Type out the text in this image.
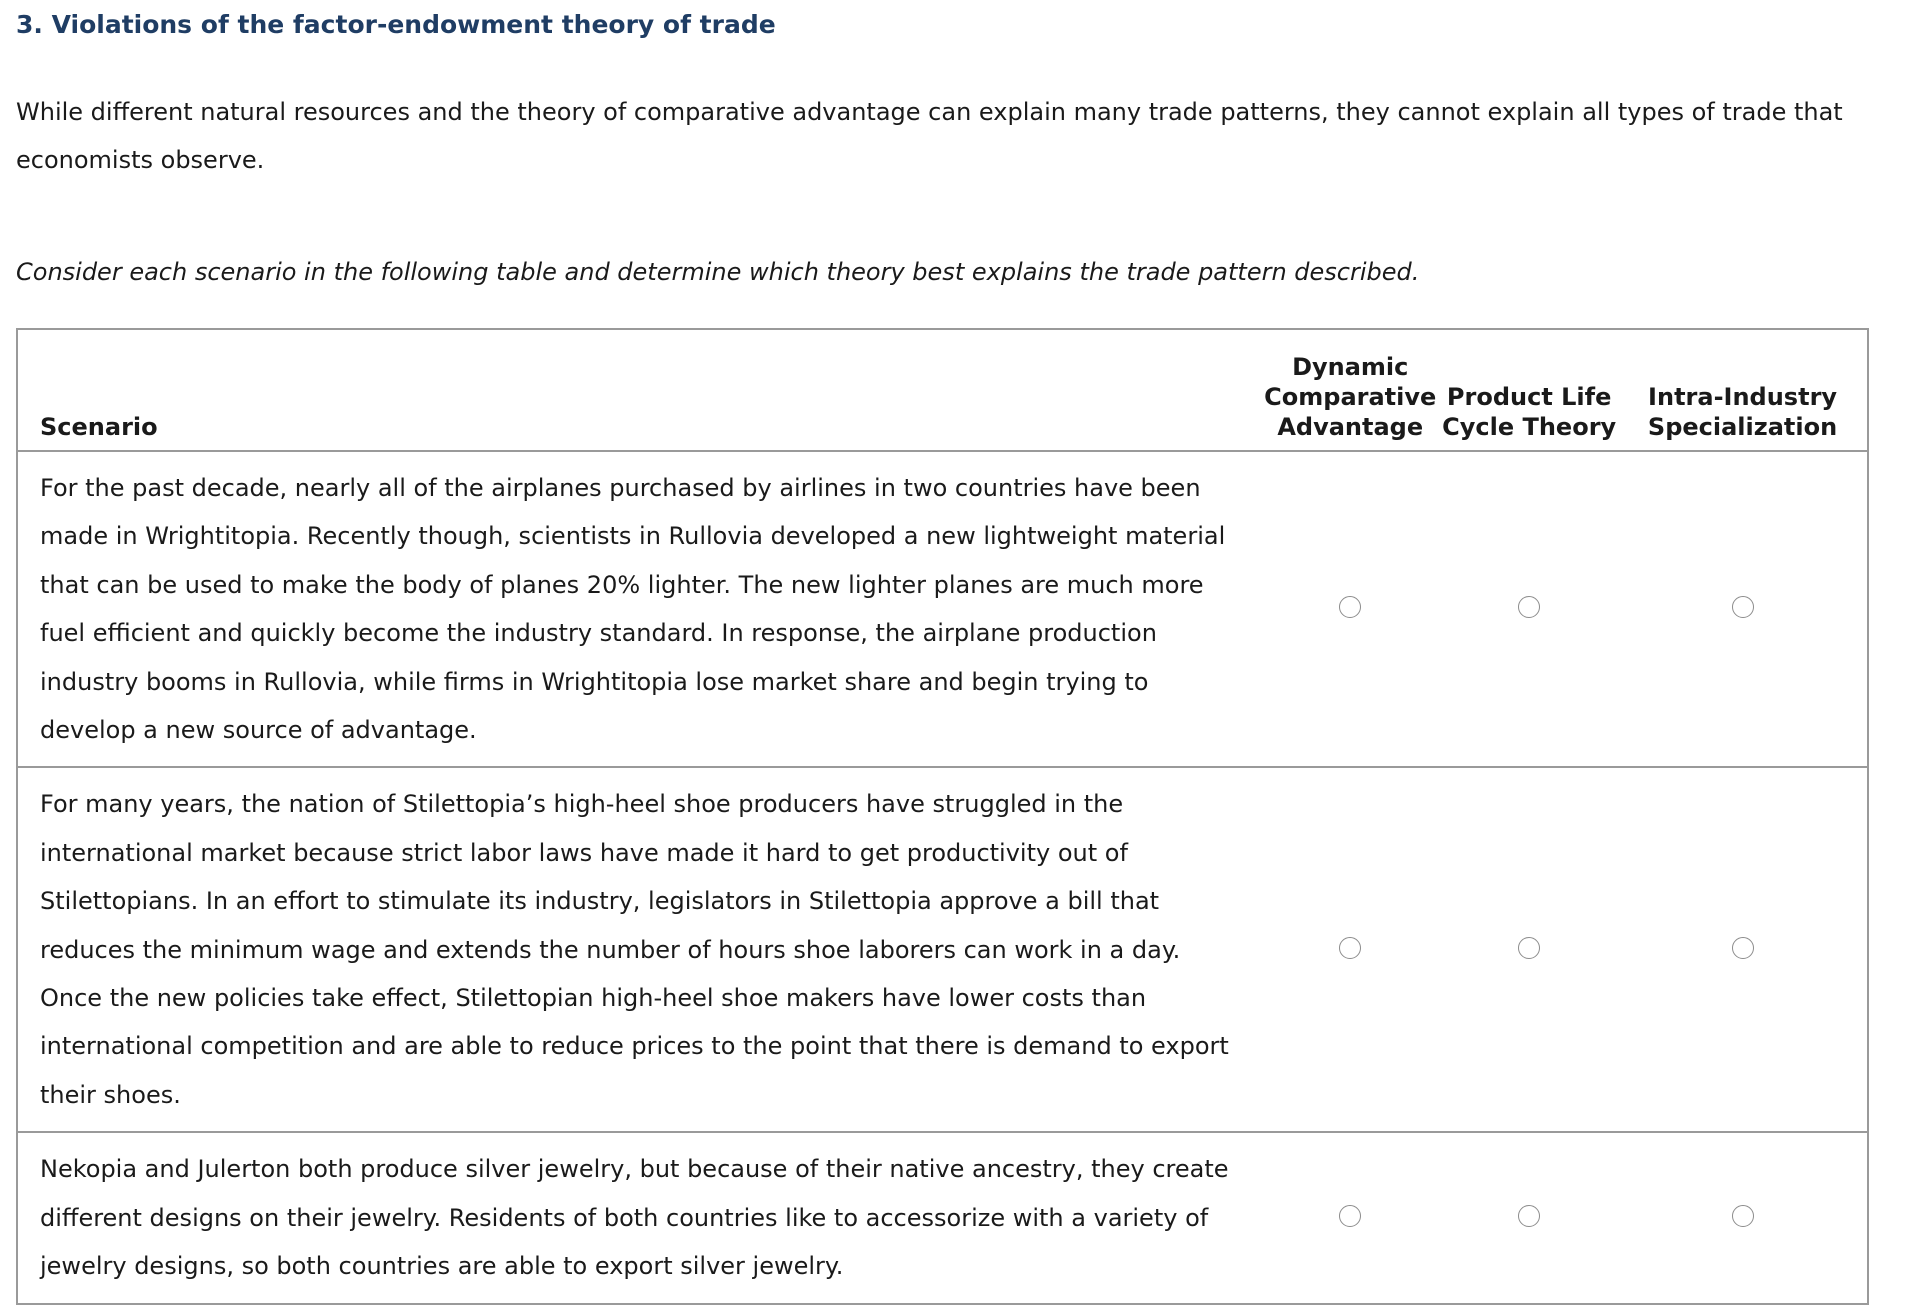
3. Violations of the factor-endowment theory of trade
While different natural resources and the theory of comparative advantage can explain many trade patterns, they cannot explain all types of trade that economists observe.
Consider each scenario in the following table and determine which theory best explains the trade pattern described.
Scenario	Dynamic Comparative Advantage	Product Life Cycle Theory	Intra-Industry Specialization
For the past decade, nearly all of the airplanes purchased by airlines in two countries have been made in Wrightitopia. Recently though, scientists in Rullovia developed a new lightweight material that can be used to make the body of planes 20% lighter. The new lighter planes are much more fuel efficient and quickly become the industry standard. In response, the airplane production industry booms in Rullovia, while firms in Wrightitopia lose market share and begin trying to develop a new source of advantage.			
For many years, the nation of Stilettopia’s high-heel shoe producers have struggled in the international market because strict labor laws have made it hard to get productivity out of Stilettopians. In an effort to stimulate its industry, legislators in Stilettopia approve a bill that reduces the minimum wage and extends the number of hours shoe laborers can work in a day. Once the new policies take effect, Stilettopian high-heel shoe makers have lower costs than international competition and are able to reduce prices to the point that there is demand to export their shoes.			
Nekopia and Julerton both produce silver jewelry, but because of their native ancestry, they create different designs on their jewelry. Residents of both countries like to accessorize with a variety of jewelry designs, so both countries are able to export silver jewelry.			
